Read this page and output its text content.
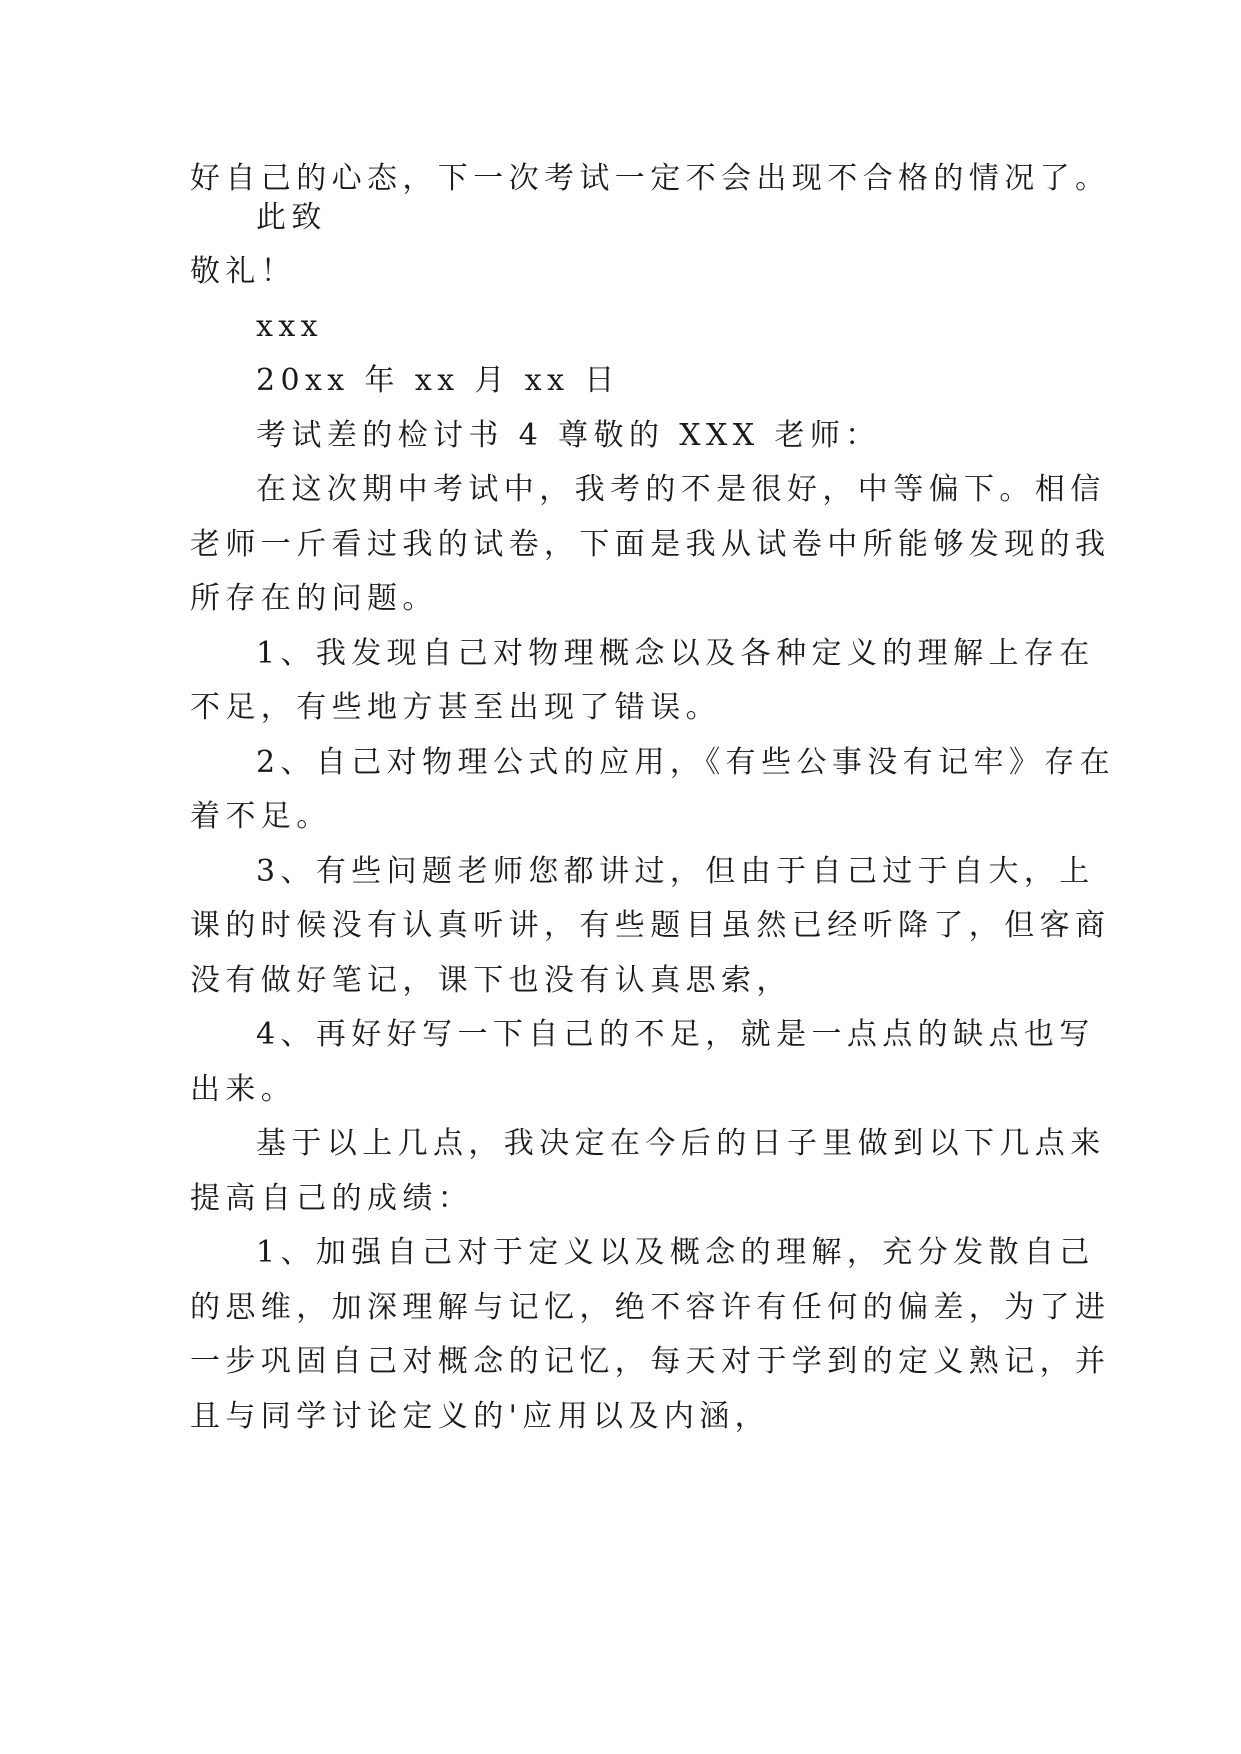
好自己的心态，下一次考试一定不会出现不合格的情况了。
此致
敬礼！
xxx
20xx 年 xx 月 xx 日
考试差的检讨书 4 尊敬的 XXX 老师：
在这次期中考试中，我考的不是很好，中等偏下。相信
老师一斤看过我的试卷，下面是我从试卷中所能够发现的我
所存在的问题。
1、我发现自己对物理概念以及各种定义的理解上存在
不足，有些地方甚至出现了错误。
2、自己对物理公式的应用，《有些公事没有记牢》存在
着不足。
3、有些问题老师您都讲过，但由于自己过于自大，上
课的时候没有认真听讲，有些题目虽然已经听降了，但客商
没有做好笔记，课下也没有认真思索，
4、再好好写一下自己的不足，就是一点点的缺点也写
出来。
基于以上几点，我决定在今后的日子里做到以下几点来
提高自己的成绩：
1、加强自己对于定义以及概念的理解，充分发散自己
的思维，加深理解与记忆，绝不容许有任何的偏差，为了进
一步巩固自己对概念的记忆，每天对于学到的定义熟记，并
且与同学讨论定义的'应用以及内涵，
